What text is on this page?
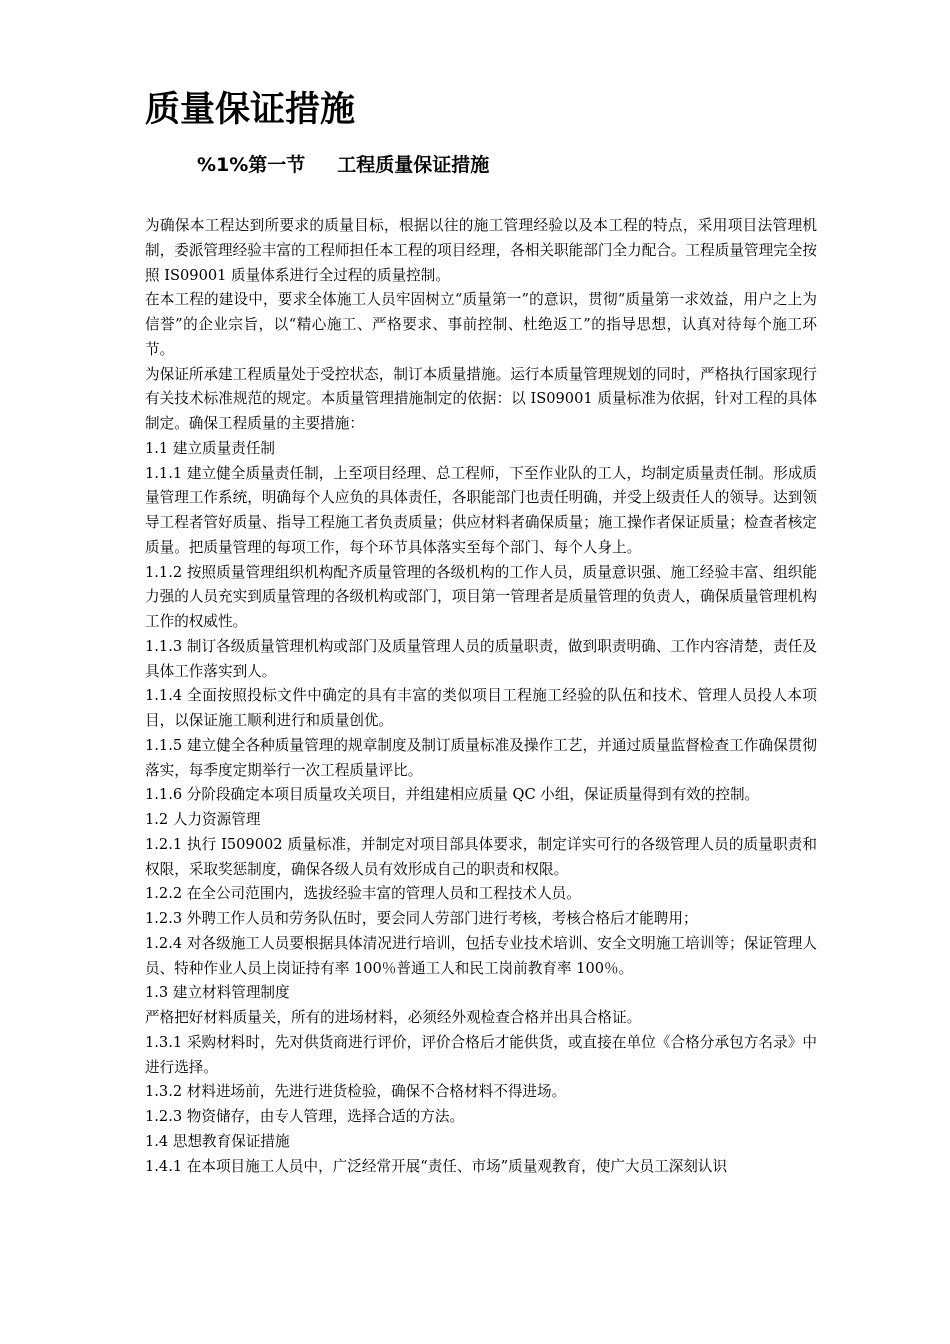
质量保证措施
%1%第一节 工程质量保证措施

为确保本工程达到所要求的质量目标，根据以往的施工管理经验以及本工程的特点，采用项目法管理机制，委派管理经验丰富的工程师担任本工程的项目经理，各相关职能部门全力配合。工程质量管理完全按照 IS09001 质量体系进行全过程的质量控制。

在本工程的建设中，要求全体施工人员牢固树立“质量第一”的意识，贯彻“质量第一求效益，用户之上为信誉”的企业宗旨，以“精心施工、严格要求、事前控制、杜绝返工”的指导思想，认真对待每个施工环节。

为保证所承建工程质量处于受控状态，制订本质量措施。运行本质量管理规划的同时，严格执行国家现行有关技术标准规范的规定。本质量管理措施制定的依据：以 IS09001 质量标准为依据，针对工程的具体制定。确保工程质量的主要措施：

1.1 建立质量责任制

1.1.1 建立健全质量责任制，上至项目经理、总工程师，下至作业队的工人，均制定质量责任制。形成质量管理工作系统，明确每个人应负的具体责任，各职能部门也责任明确，并受上级责任人的领导。达到领导工程者管好质量、指导工程施工者负责质量；供应材料者确保质量；施工操作者保证质量；检查者核定质量。把质量管理的每项工作，每个环节具体落实至每个部门、每个人身上。

1.1.2 按照质量管理组织机构配齐质量管理的各级机构的工作人员，质量意识强、施工经验丰富、组织能力强的人员充实到质量管理的各级机构或部门，项目第一管理者是质量管理的负责人，确保质量管理机构工作的权威性。

1.1.3 制订各级质量管理机构或部门及质量管理人员的质量职责，做到职责明确、工作内容清楚，责任及具体工作落实到人。

1.1.4 全面按照投标文件中确定的具有丰富的类似项目工程施工经验的队伍和技术、管理人员投人本项目，以保证施工顺利进行和质量创优。

1.1.5 建立健全各种质量管理的规章制度及制订质量标准及操作工艺，并通过质量监督检查工作确保贯彻落实，每季度定期举行一次工程质量评比。

1.1.6 分阶段确定本项目质量攻关项目，并组建相应质量 QC 小组，保证质量得到有效的控制。

1.2 人力资源管理

1.2.1 执行 I509002 质量标准，并制定对项目部具体要求，制定详实可行的各级管理人员的质量职责和权限，采取奖惩制度，确保各级人员有效形成自己的职责和权限。

1.2.2 在全公司范围内，选拔经验丰富的管理人员和工程技术人员。

1.2.3 外聘工作人员和劳务队伍时，要会同人劳部门进行考核，考核合格后才能聘用；

1.2.4 对各级施工人员要根据具体清况进行培训，包括专业技术培训、安全文明施工培训等；保证管理人员、特种作业人员上岗证持有率 100％普通工人和民工岗前教育率 100％。

1.3 建立材料管理制度

严格把好材料质量关，所有的进场材料，必须经外观检查合格并出具合格证。

1.3.1 采购材料时，先对供货商进行评价，评价合格后才能供货，或直接在单位《合格分承包方名录》中进行选择。

1.3.2 材料进场前，先进行进货检验，确保不合格材料不得进场。

1.2.3 物资储存，由专人管理，选择合适的方法。

1.4 思想教育保证措施

1.4.1 在本项目施工人员中，广泛经常开展“责任、市场”质量观教育，使广大员工深刻认识
